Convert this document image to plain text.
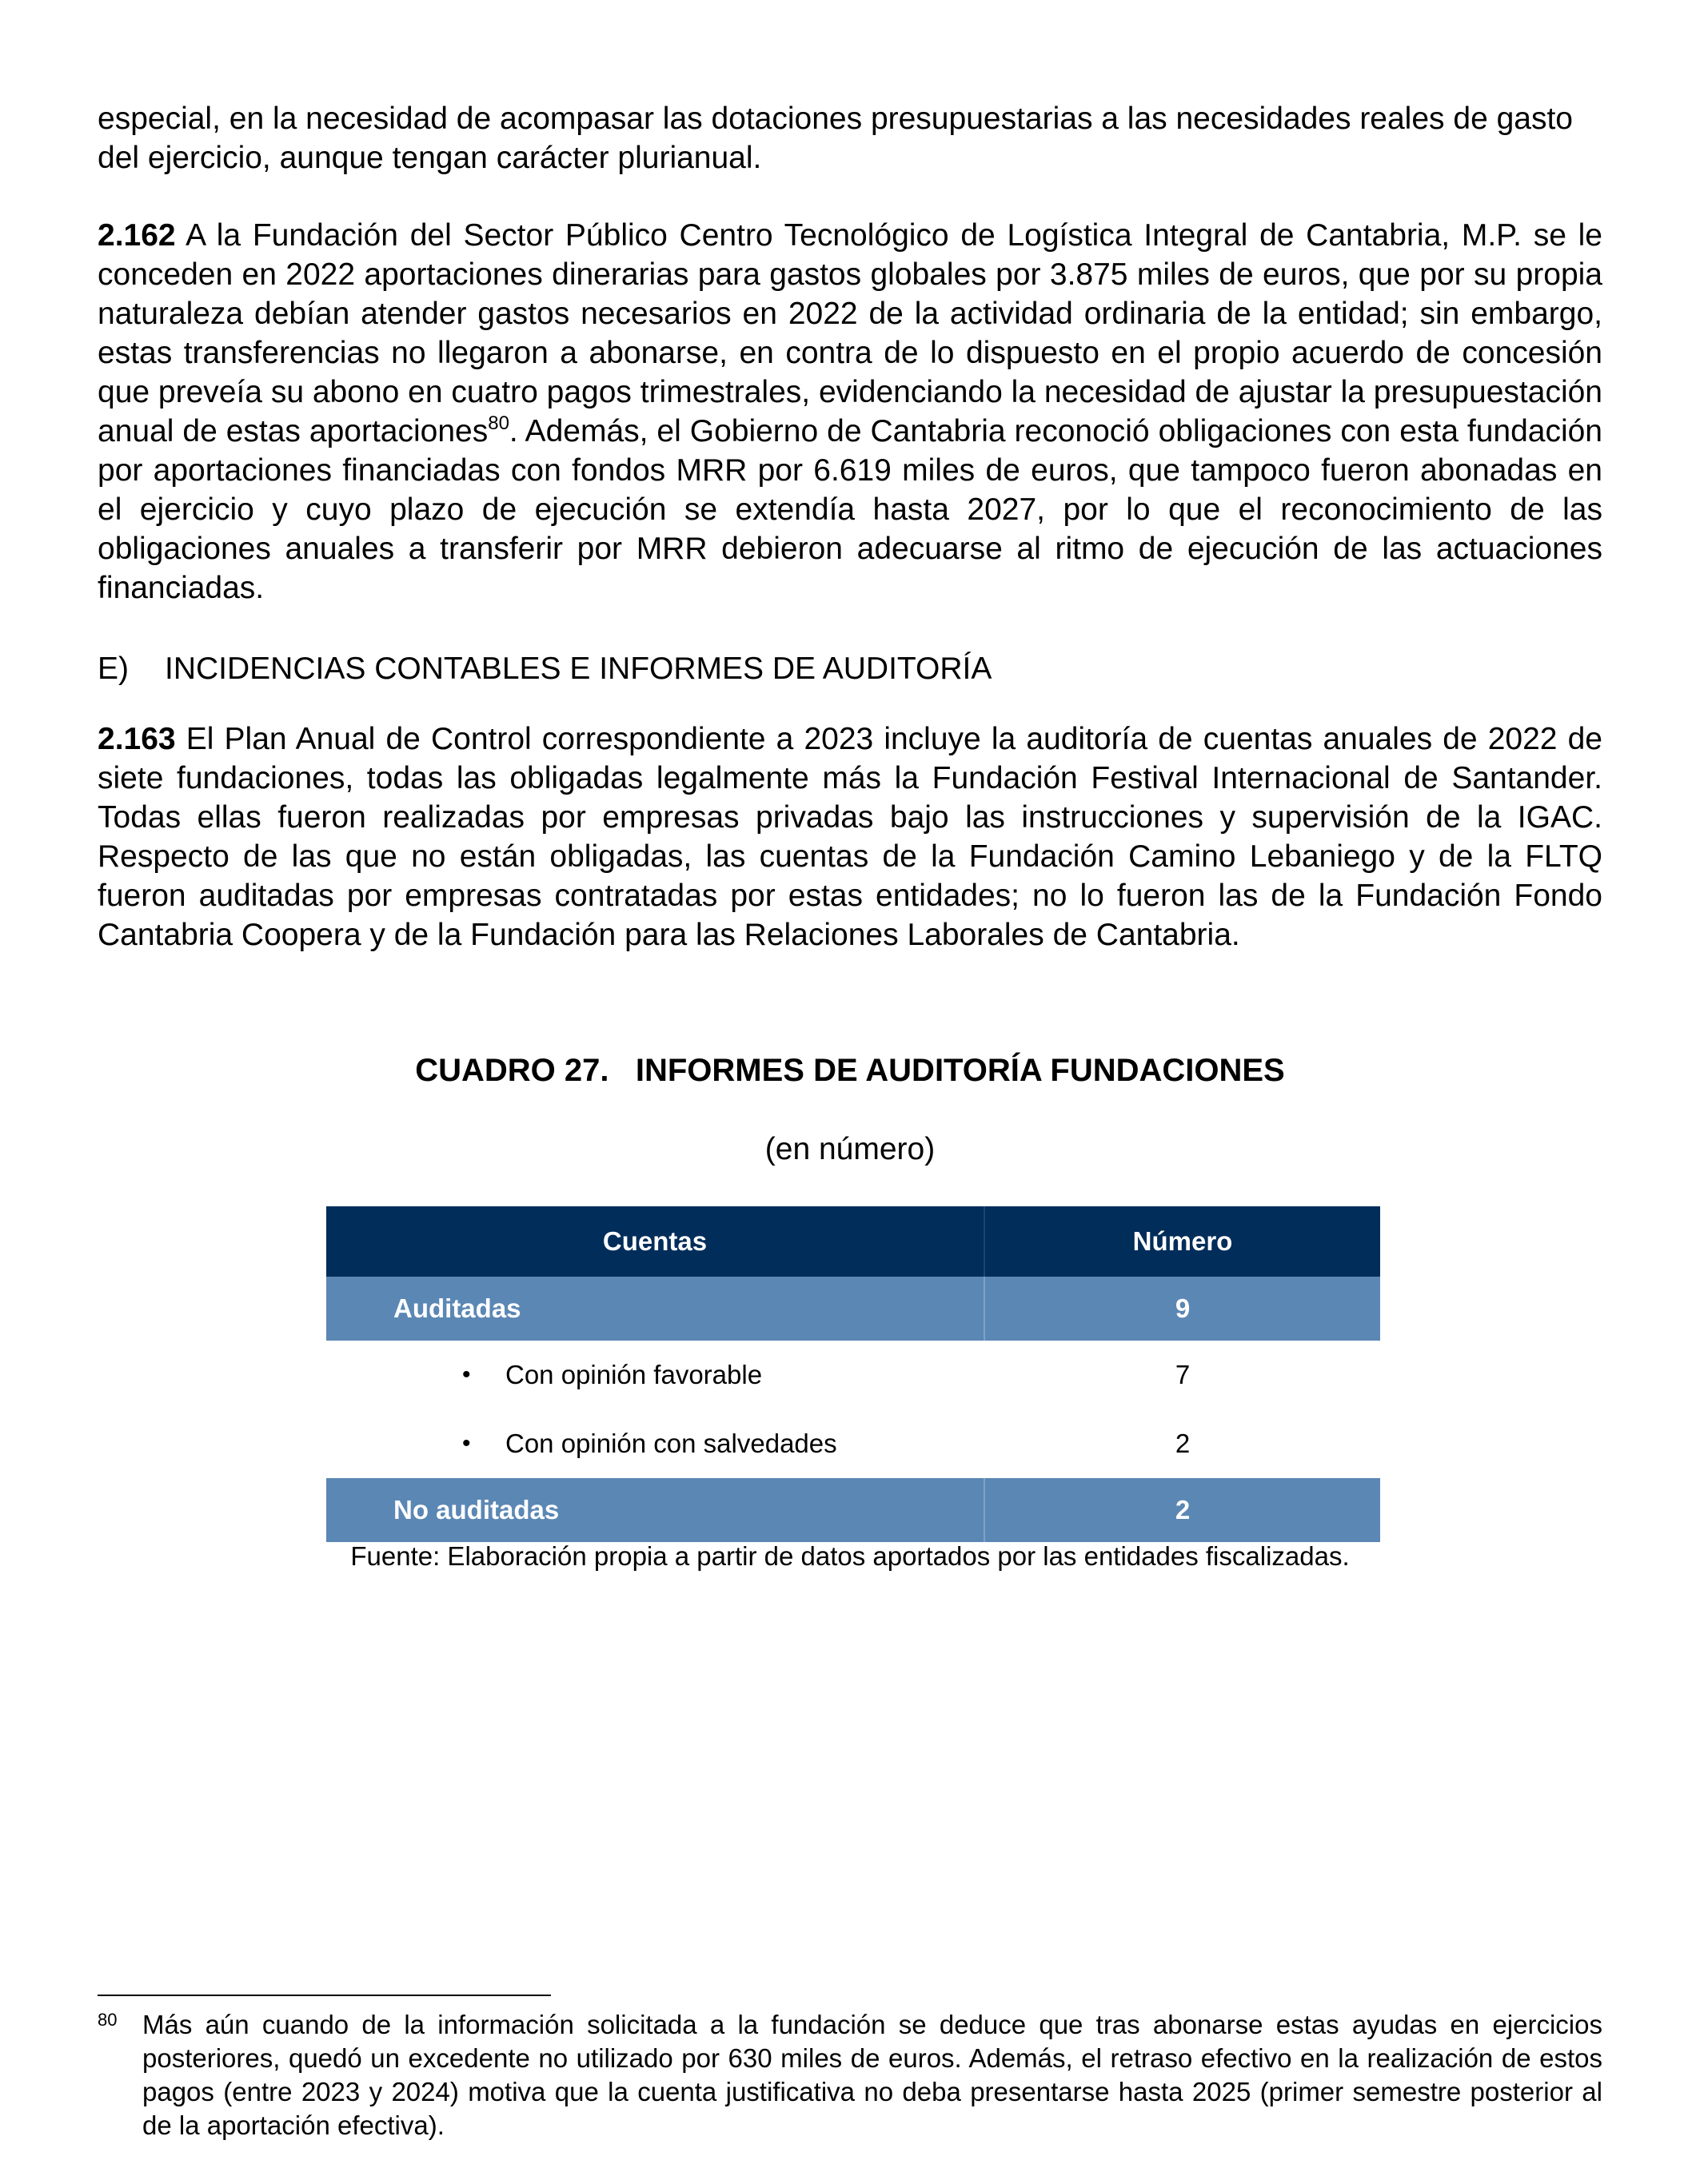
especial, en la necesidad de acompasar las dotaciones presupuestarias a las necesidades reales de gasto del ejercicio, aunque tengan carácter plurianual.

2.162 A la Fundación del Sector Público Centro Tecnológico de Logística Integral de Cantabria, M.P. se le conceden en 2022 aportaciones dinerarias para gastos globales por 3.875 miles de euros, que por su propia naturaleza debían atender gastos necesarios en 2022 de la actividad ordinaria de la entidad; sin embargo, estas transferencias no llegaron a abonarse, en contra de lo dispuesto en el propio acuerdo de concesión que preveía su abono en cuatro pagos trimestrales, evidenciando la necesidad de ajustar la presupuestación anual de estas aportaciones$^{80}$. Además, el Gobierno de Cantabria reconoció obligaciones con esta fundación por aportaciones financiadas con fondos MRR por 6.619 miles de euros, que tampoco fueron abonadas en el ejercicio y cuyo plazo de ejecución se extendía hasta 2027, por lo que el reconocimiento de las obligaciones anuales a transferir por MRR debieron adecuarse al ritmo de ejecución de las actuaciones financiadas.

E) INCIDENCIAS CONTABLES E INFORMES DE AUDITORÍA

2.163 El Plan Anual de Control correspondiente a 2023 incluye la auditoría de cuentas anuales de 2022 de siete fundaciones, todas las obligadas legalmente más la Fundación Festival Internacional de Santander. Todas ellas fueron realizadas por empresas privadas bajo las instrucciones y supervisión de la IGAC. Respecto de las que no están obligadas, las cuentas de la Fundación Camino Lebaniego y de la FLTQ fueron auditadas por empresas contratadas por estas entidades; no lo fueron las de la Fundación Fondo Cantabria Coopera y de la Fundación para las Relaciones Laborales de Cantabria.

CUADRO 27.   INFORMES DE AUDITORÍA FUNDACIONES
(en número)
Cuentas	Número
Auditadas	9
•	Con opinión favorable	7
•	Con opinión con salvedades	2
No auditadas	2
Fuente: Elaboración propia a partir de datos aportados por las entidades fiscalizadas.
80 Más aún cuando de la información solicitada a la fundación se deduce que tras abonarse estas ayudas en ejercicios posteriores, quedó un excedente no utilizado por 630 miles de euros. Además, el retraso efectivo en la realización de estos pagos (entre 2023 y 2024) motiva que la cuenta justificativa no deba presentarse hasta 2025 (primer semestre posterior al de la aportación efectiva).
